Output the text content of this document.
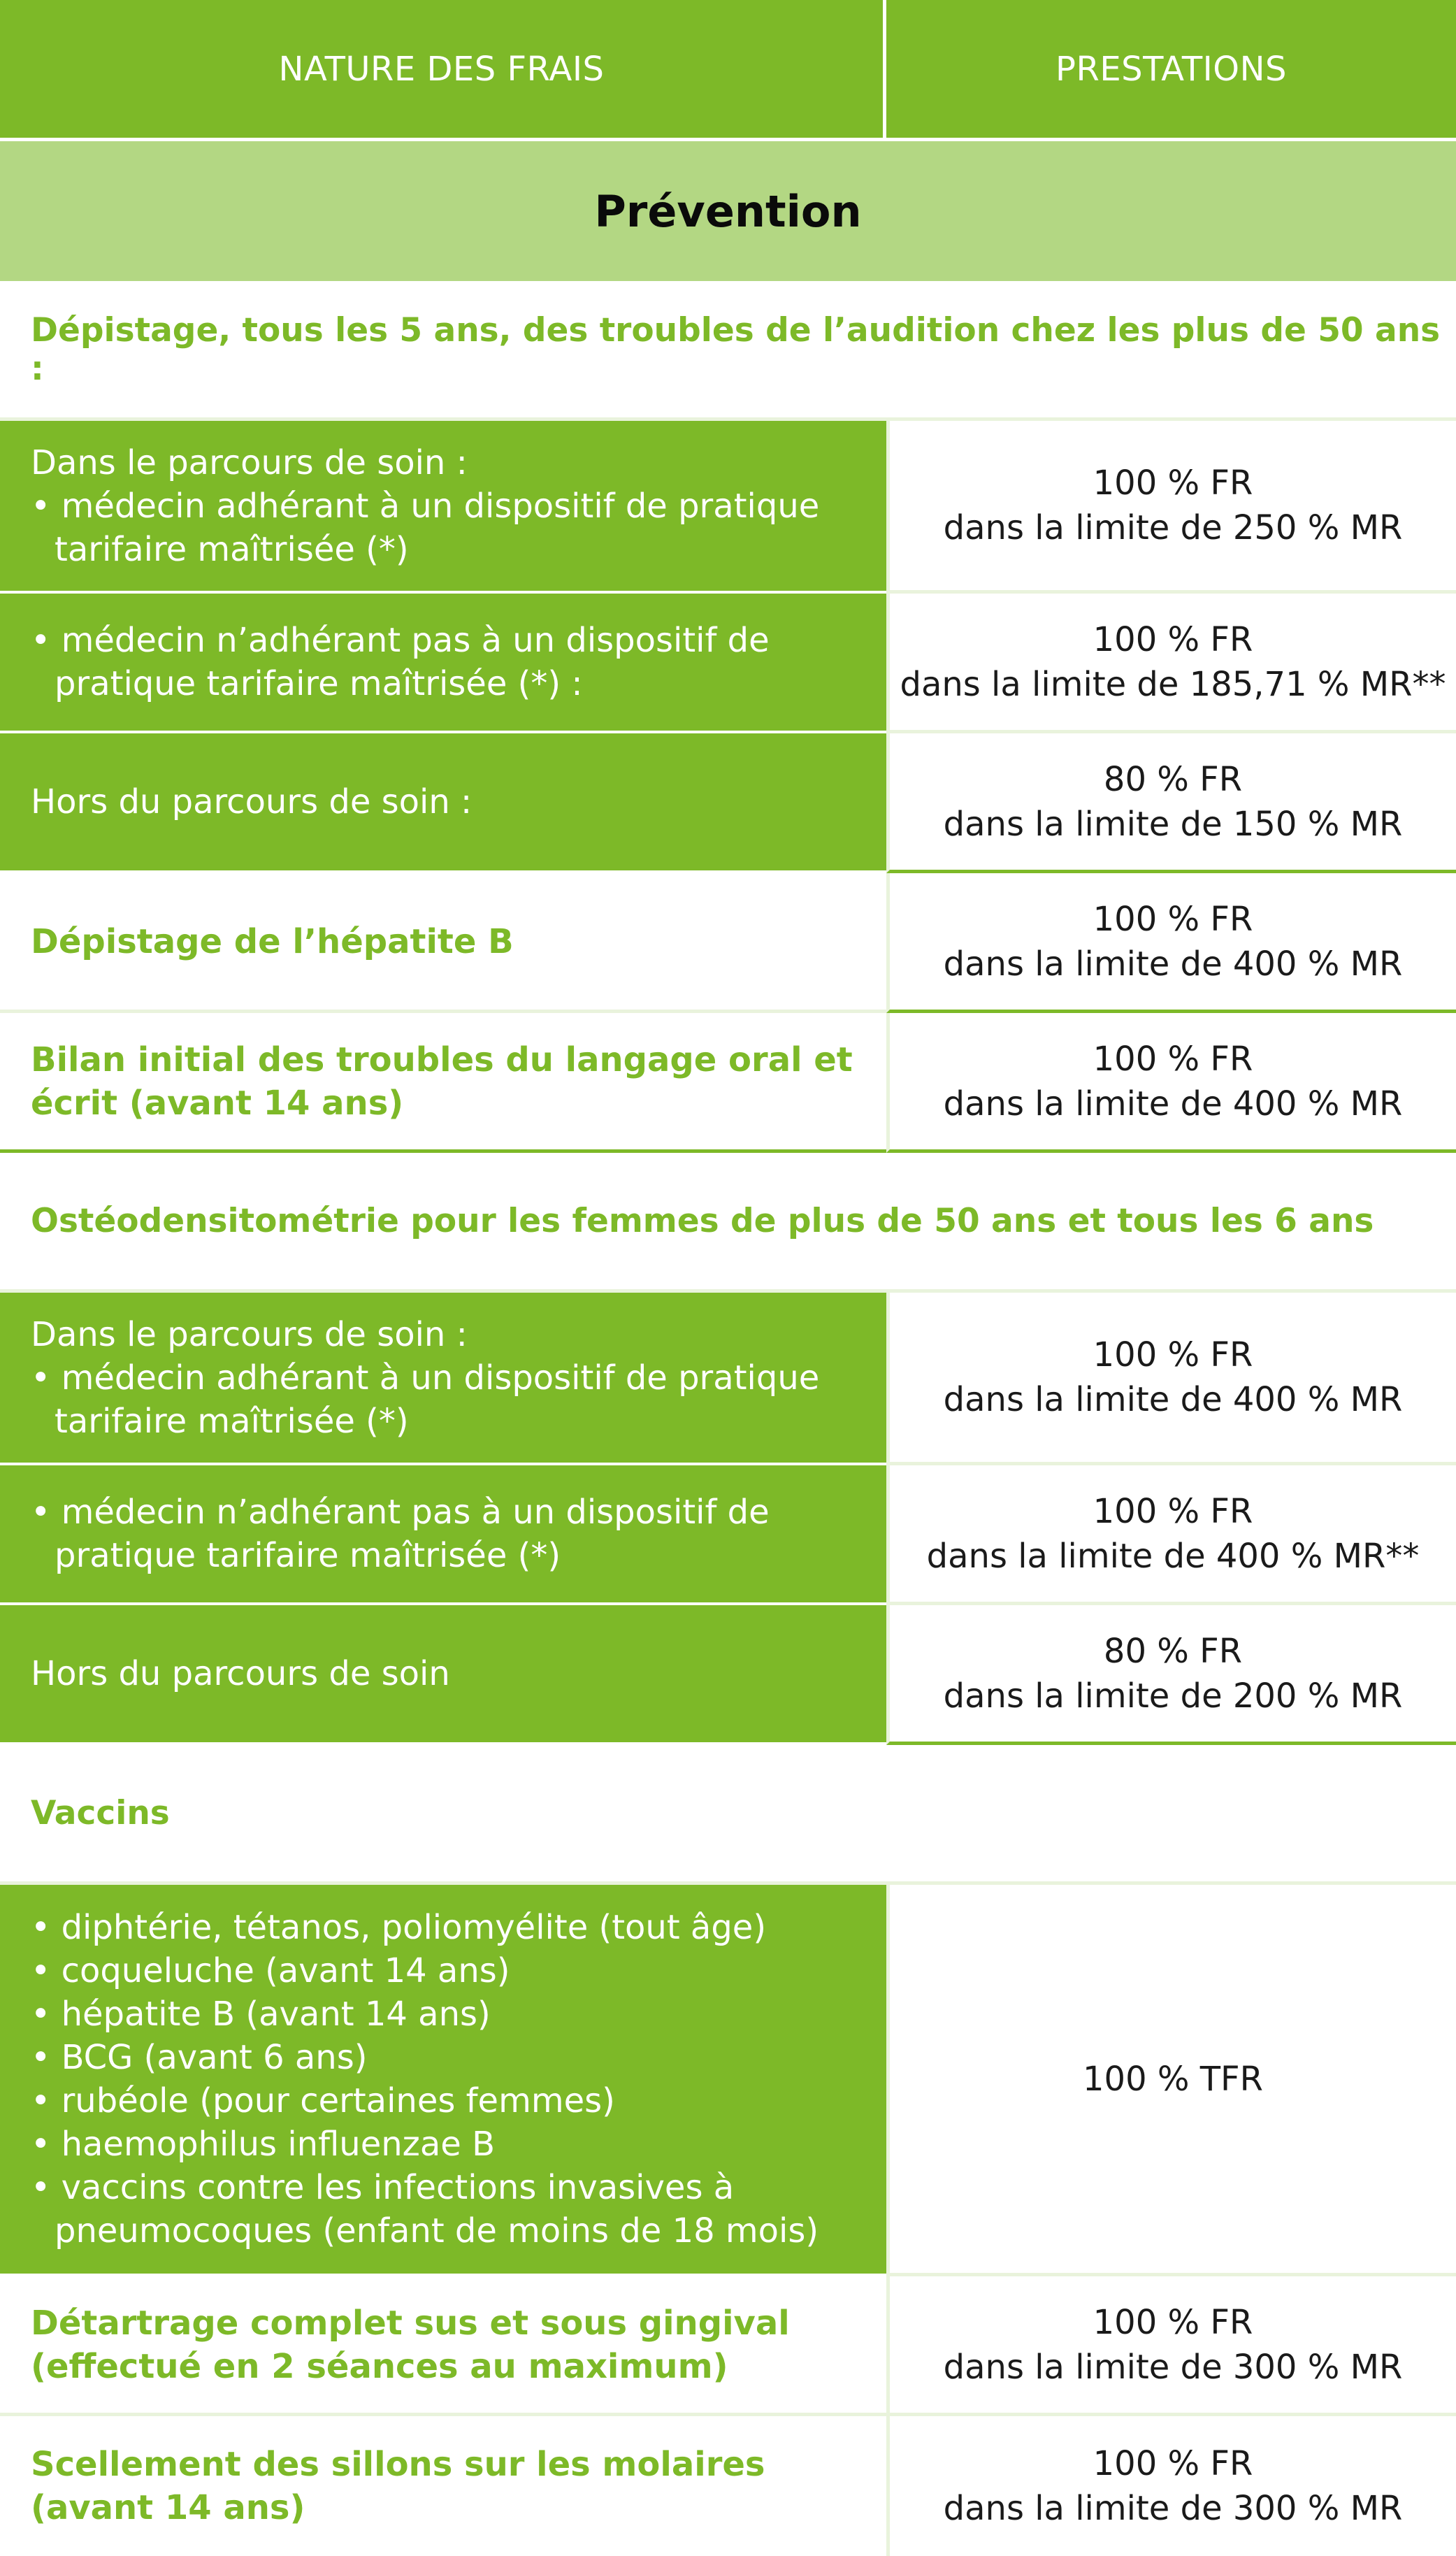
NATURE DES FRAIS	PRESTATIONS
Prévention
Dépistage, tous les 5 ans, des troubles de l’audition chez les plus de 50 ans :
Dans le parcours de soin :
• médecin adhérant à un dispositif de pratique
tarifaire maîtrisée (*)
100 % FR
dans la limite de 250 % MR
• médecin n’adhérant pas à un dispositif de
pratique tarifaire maîtrisée (*) :
100 % FR
dans la limite de 185,71 % MR**
Hors du parcours de soin :
80 % FR
dans la limite de 150 % MR
Dépistage de l’hépatite B
100 % FR
dans la limite de 400 % MR
Bilan initial des troubles du langage oral et
écrit (avant 14 ans)
100 % FR
dans la limite de 400 % MR
Ostéodensitométrie pour les femmes de plus de 50 ans et tous les 6 ans
Dans le parcours de soin :
• médecin adhérant à un dispositif de pratique
tarifaire maîtrisée (*)
100 % FR
dans la limite de 400 % MR
• médecin n’adhérant pas à un dispositif de
pratique tarifaire maîtrisée (*)
100 % FR
dans la limite de 400 % MR**
Hors du parcours de soin
80 % FR
dans la limite de 200 % MR
Vaccins
• diphtérie, tétanos, poliomyélite (tout âge)
• coqueluche (avant 14 ans)
• hépatite B (avant 14 ans)
• BCG (avant 6 ans)
• rubéole (pour certaines femmes)
• haemophilus influenzae B
• vaccins contre les infections invasives à
pneumocoques (enfant de moins de 18 mois)
100 % TFR
Détartrage complet sus et sous gingival
(effectué en 2 séances au maximum)
100 % FR
dans la limite de 300 % MR
Scellement des sillons sur les molaires
(avant 14 ans)
100 % FR
dans la limite de 300 % MR
